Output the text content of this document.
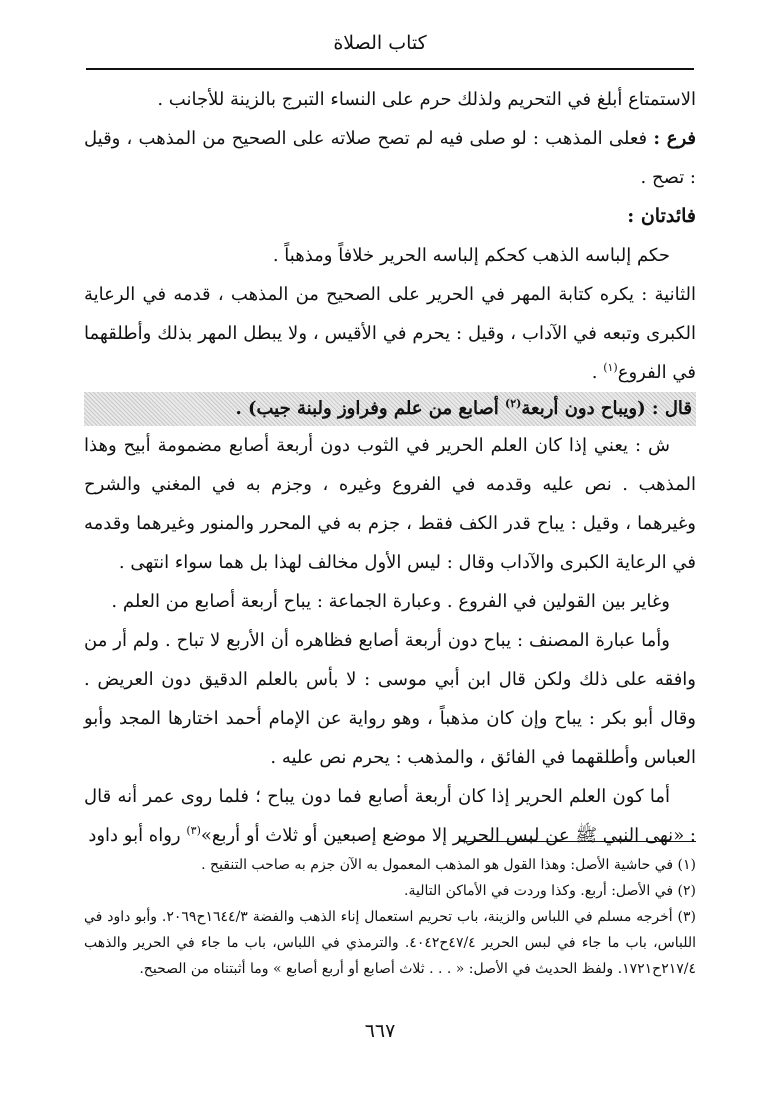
كتاب الصلاة

الاستمتاع أبلغ في التحريم ولذلك حرم على النساء التبرج بالزينة للأجانب .

فرع : فعلى المذهب : لو صلى فيه لم تصح صلاته على الصحيح من المذهب ، وقيل : تصح .

فائدتان :

حكم إلباسه الذهب كحكم إلباسه الحرير خلافاً ومذهباً .

الثانية : يكره كتابة المهر في الحرير على الصحيح من المذهب ، قدمه في الرعاية الكبرى وتبعه في الآداب ، وقيل : يحرم في الأقيس ، ولا يبطل المهر بذلك وأطلقهما في الفروع$^{(١)}$ .

قال : (ويباح دون أربعة$^{(٢)}$ أصابع من علم وفراوز ولبنة جيب) .

ش : يعني إذا كان العلم الحرير في الثوب دون أربعة أصابع مضمومة أبيح وهذا المذهب . نص عليه وقدمه في الفروع وغيره ، وجزم به في المغني والشرح وغيرهما ، وقيل : يباح قدر الكف فقط ، جزم به في المحرر والمنور وغيرهما وقدمه في الرعاية الكبرى والآداب وقال : ليس الأول مخالف لهذا بل هما سواء انتهى .

وغاير بين القولين في الفروع . وعبارة الجماعة : يباح أربعة أصابع من العلم .

وأما عبارة المصنف : يباح دون أربعة أصابع فظاهره أن الأربع لا تباح . ولم أر من وافقه على ذلك ولكن قال ابن أبي موسى : لا بأس بالعلم الدقيق دون العريض . وقال أبو بكر : يباح وإن كان مذهباً ، وهو رواية عن الإمام أحمد اختارها المجد وأبو العباس وأطلقهما في الفائق ، والمذهب : يحرم نص عليه .

أما كون العلم الحرير إذا كان أربعة أصابع فما دون يباح ؛ فلما روى عمر أنه قال : «نهى النبي ﷺ عن لبس الحرير إلا موضع إصبعين أو ثلاث أو أربع»$^{(٣)}$ رواه أبو داود

(١) في حاشية الأصل: وهذا القول هو المذهب المعمول به الآن جزم به صاحب التنقيح .

(٢) في الأصل: أربع. وكذا وردت في الأماكن التالية.

(٣) أخرجه مسلم في اللباس والزينة، باب تحريم استعمال إناء الذهب والفضة ١٦٤٤/٣ح٢٠٦٩. وأبو داود في اللباس، باب ما جاء في لبس الحرير ٤٧/٤ح٤٠٤٢. والترمذي في اللباس، باب ما جاء في الحرير والذهب ٢١٧/٤ح١٧٢١. ولفظ الحديث في الأصل: « . . . ثلاث أصابع أو أربع أصابع » وما أثبتناه من الصحيح.

٦٦٧
